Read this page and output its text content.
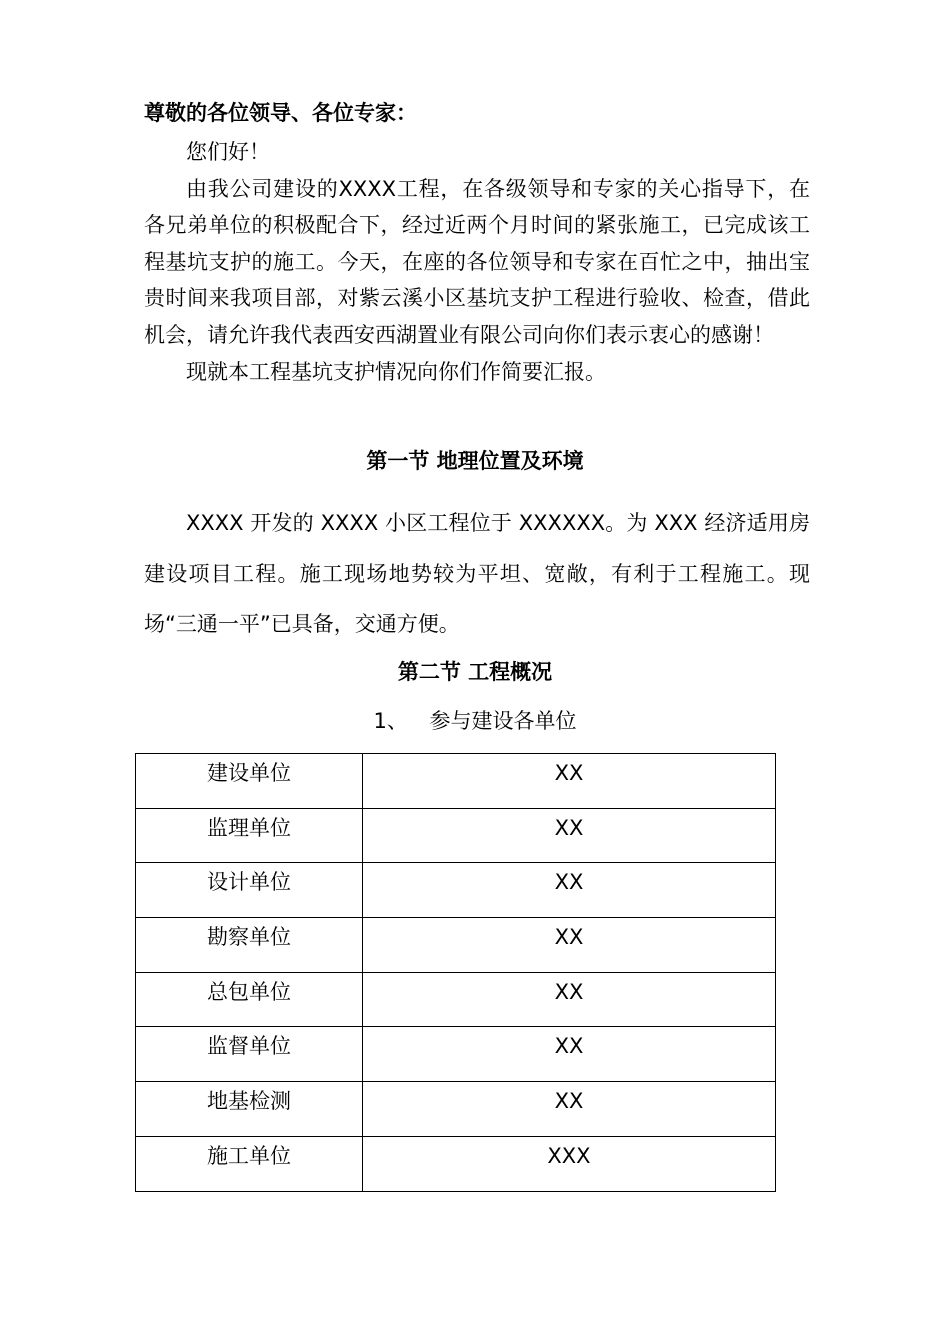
尊敬的各位领导、各位专家：

您们好！

由我公司建设的XXXX工程，在各级领导和专家的关心指导下，在各兄弟单位的积极配合下，经过近两个月时间的紧张施工，已完成该工程基坑支护的施工。今天，在座的各位领导和专家在百忙之中，抽出宝贵时间来我项目部，对紫云溪小区基坑支护工程进行验收、检查，借此机会，请允许我代表西安西湖置业有限公司向你们表示衷心的感谢！

现就本工程基坑支护情况向你们作简要汇报。

第一节 地理位置及环境

XXXX 开发的 XXXX 小区工程位于 XXXXXX。为 XXX 经济适用房建设项目工程。施工现场地势较为平坦、宽敞，有利于工程施工。现场“三通一平”已具备，交通方便。

第二节 工程概况
1、 参与建设各单位
建设单位	XX
监理单位	XX
设计单位	XX
勘察单位	XX
总包单位	XX
监督单位	XX
地基检测	XX
施工单位	XXX
